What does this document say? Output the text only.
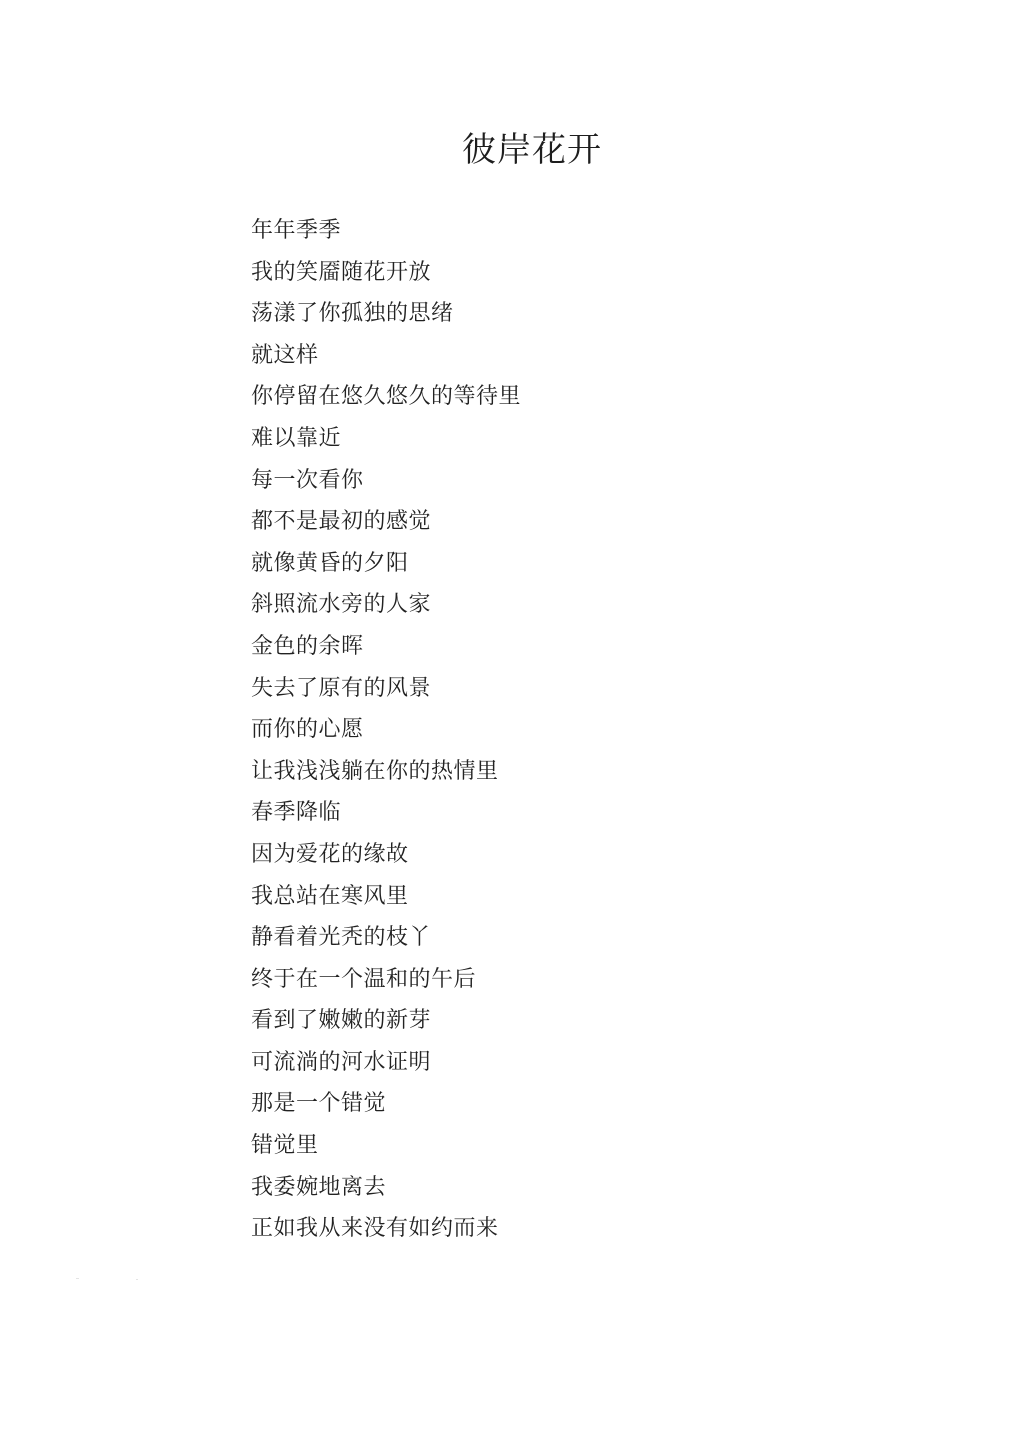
彼岸花开
年年季季
我的笑靥随花开放
荡漾了你孤独的思绪
就这样
你停留在悠久悠久的等待里
难以靠近
每一次看你
都不是最初的感觉
就像黄昏的夕阳
斜照流水旁的人家
金色的余晖
失去了原有的风景
而你的心愿
让我浅浅躺在你的热情里
春季降临
因为爱花的缘故
我总站在寒风里
静看着光秃的枝丫
终于在一个温和的午后
看到了嫩嫩的新芽
可流淌的河水证明
那是一个错觉
错觉里
我委婉地离去
正如我从来没有如约而来
